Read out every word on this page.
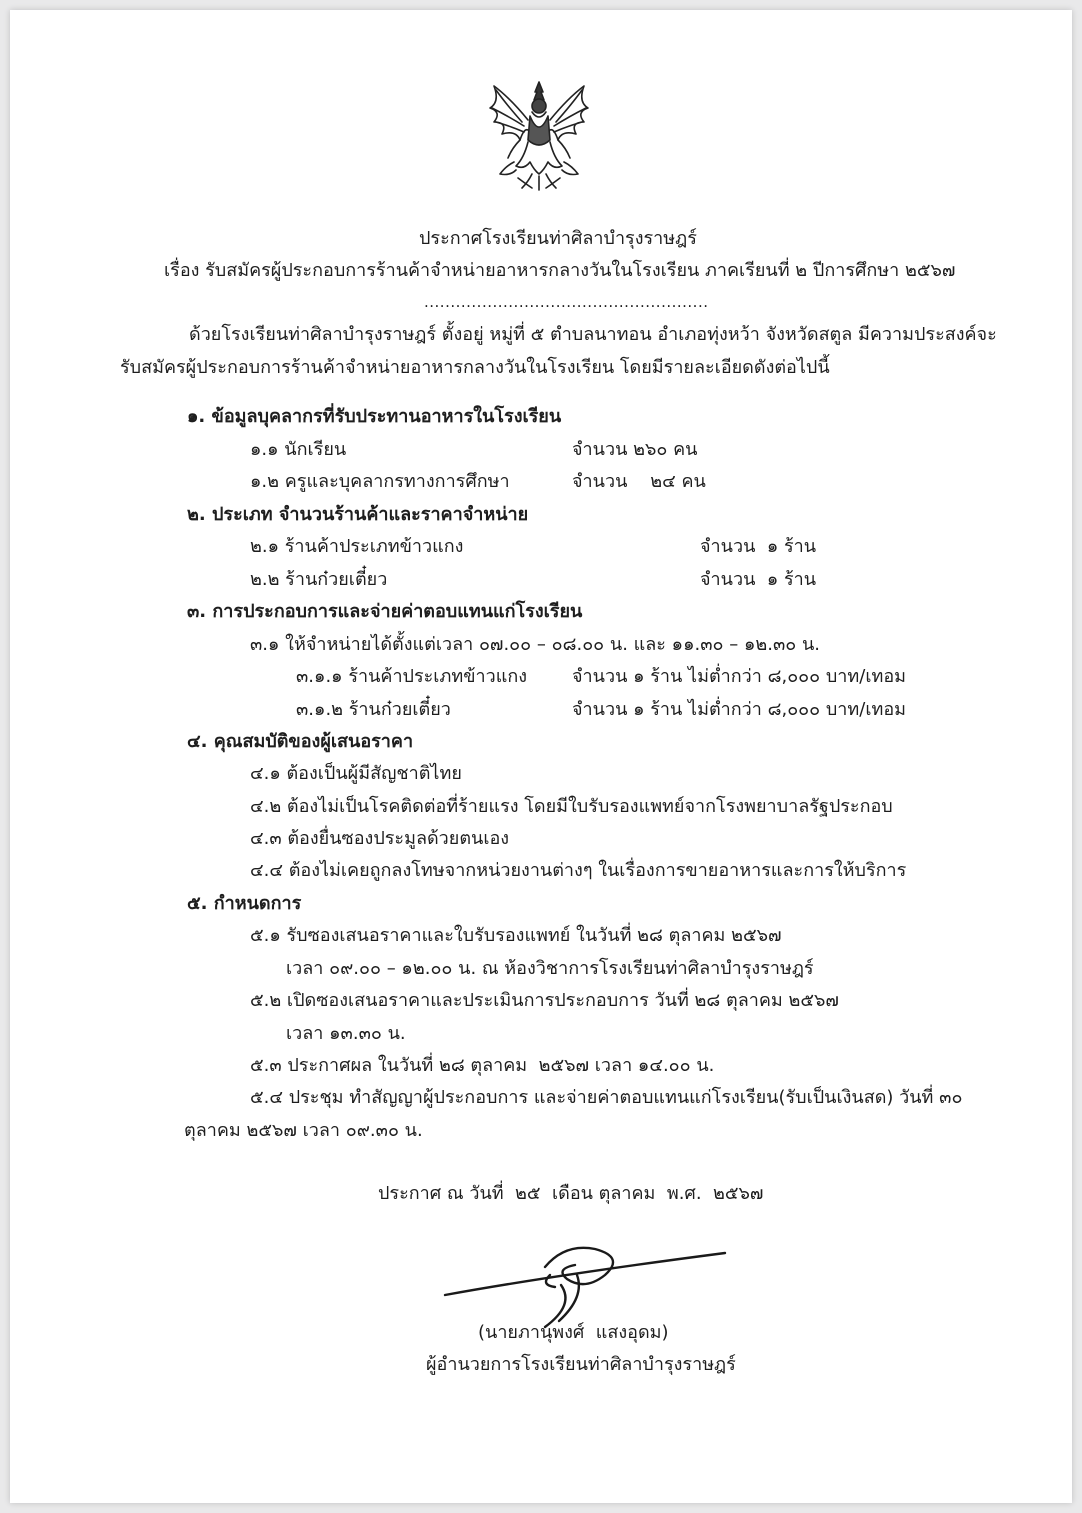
ประกาศโรงเรียนท่าศิลาบำรุงราษฎร์
เรื่อง รับสมัครผู้ประกอบการร้านค้าจำหน่ายอาหารกลางวันในโรงเรียน ภาคเรียนที่ ๒ ปีการศึกษา ๒๕๖๗
......................................................
ด้วยโรงเรียนท่าศิลาบำรุงราษฎร์ ตั้งอยู่ หมู่ที่ ๕ ตำบลนาทอน อำเภอทุ่งหว้า จังหวัดสตูล มีความประสงค์จะ
รับสมัครผู้ประกอบการร้านค้าจำหน่ายอาหารกลางวันในโรงเรียน โดยมีรายละเอียดดังต่อไปนี้
๑. ข้อมูลบุคลากรที่รับประทานอาหารในโรงเรียน
๑.๑ นักเรียน	จำนวน ๒๖๐ คน
๑.๒ ครูและบุคลากรทางการศึกษา	จำนวน    ๒๔ คน
๒. ประเภท จำนวนร้านค้าและราคาจำหน่าย
๒.๑ ร้านค้าประเภทข้าวแกง	จำนวน  ๑ ร้าน
๒.๒ ร้านก๋วยเตี๋ยว	จำนวน  ๑ ร้าน
๓. การประกอบการและจ่ายค่าตอบแทนแก่โรงเรียน
๓.๑ ให้จำหน่ายได้ตั้งแต่เวลา ๐๗.๐๐ – ๐๘.๐๐ น. และ ๑๑.๓๐ – ๑๒.๓๐ น.
๓.๑.๑ ร้านค้าประเภทข้าวแกง จำนวน ๑ ร้าน ไม่ต่ำกว่า ๘,๐๐๐ บาท/เทอม
๓.๑.๒ ร้านก๋วยเตี๋ยว	จำนวน ๑ ร้าน ไม่ต่ำกว่า ๘,๐๐๐ บาท/เทอม
๔. คุณสมบัติของผู้เสนอราคา
๔.๑ ต้องเป็นผู้มีสัญชาติไทย
๔.๒ ต้องไม่เป็นโรคติดต่อที่ร้ายแรง โดยมีใบรับรองแพทย์จากโรงพยาบาลรัฐประกอบ
๔.๓ ต้องยื่นซองประมูลด้วยตนเอง
๔.๔ ต้องไม่เคยถูกลงโทษจากหน่วยงานต่างๆ ในเรื่องการขายอาหารและการให้บริการ
๕. กำหนดการ
๕.๑ รับซองเสนอราคาและใบรับรองแพทย์ ในวันที่ ๒๘ ตุลาคม ๒๕๖๗
เวลา ๐๙.๐๐ – ๑๒.๐๐ น. ณ ห้องวิชาการโรงเรียนท่าศิลาบำรุงราษฎร์
๕.๒ เปิดซองเสนอราคาและประเมินการประกอบการ วันที่ ๒๘ ตุลาคม ๒๕๖๗
เวลา ๑๓.๓๐ น.
๕.๓ ประกาศผล ในวันที่ ๒๘ ตุลาคม  ๒๕๖๗ เวลา ๑๔.๐๐ น.
๕.๔ ประชุม ทำสัญญาผู้ประกอบการ และจ่ายค่าตอบแทนแก่โรงเรียน(รับเป็นเงินสด) วันที่ ๓๐
ตุลาคม ๒๕๖๗ เวลา ๐๙.๓๐ น.
ประกาศ ณ วันที่  ๒๕  เดือน ตุลาคม  พ.ศ.  ๒๕๖๗
(นายภานุพงศ์  แสงอุดม)
ผู้อำนวยการโรงเรียนท่าศิลาบำรุงราษฎร์
